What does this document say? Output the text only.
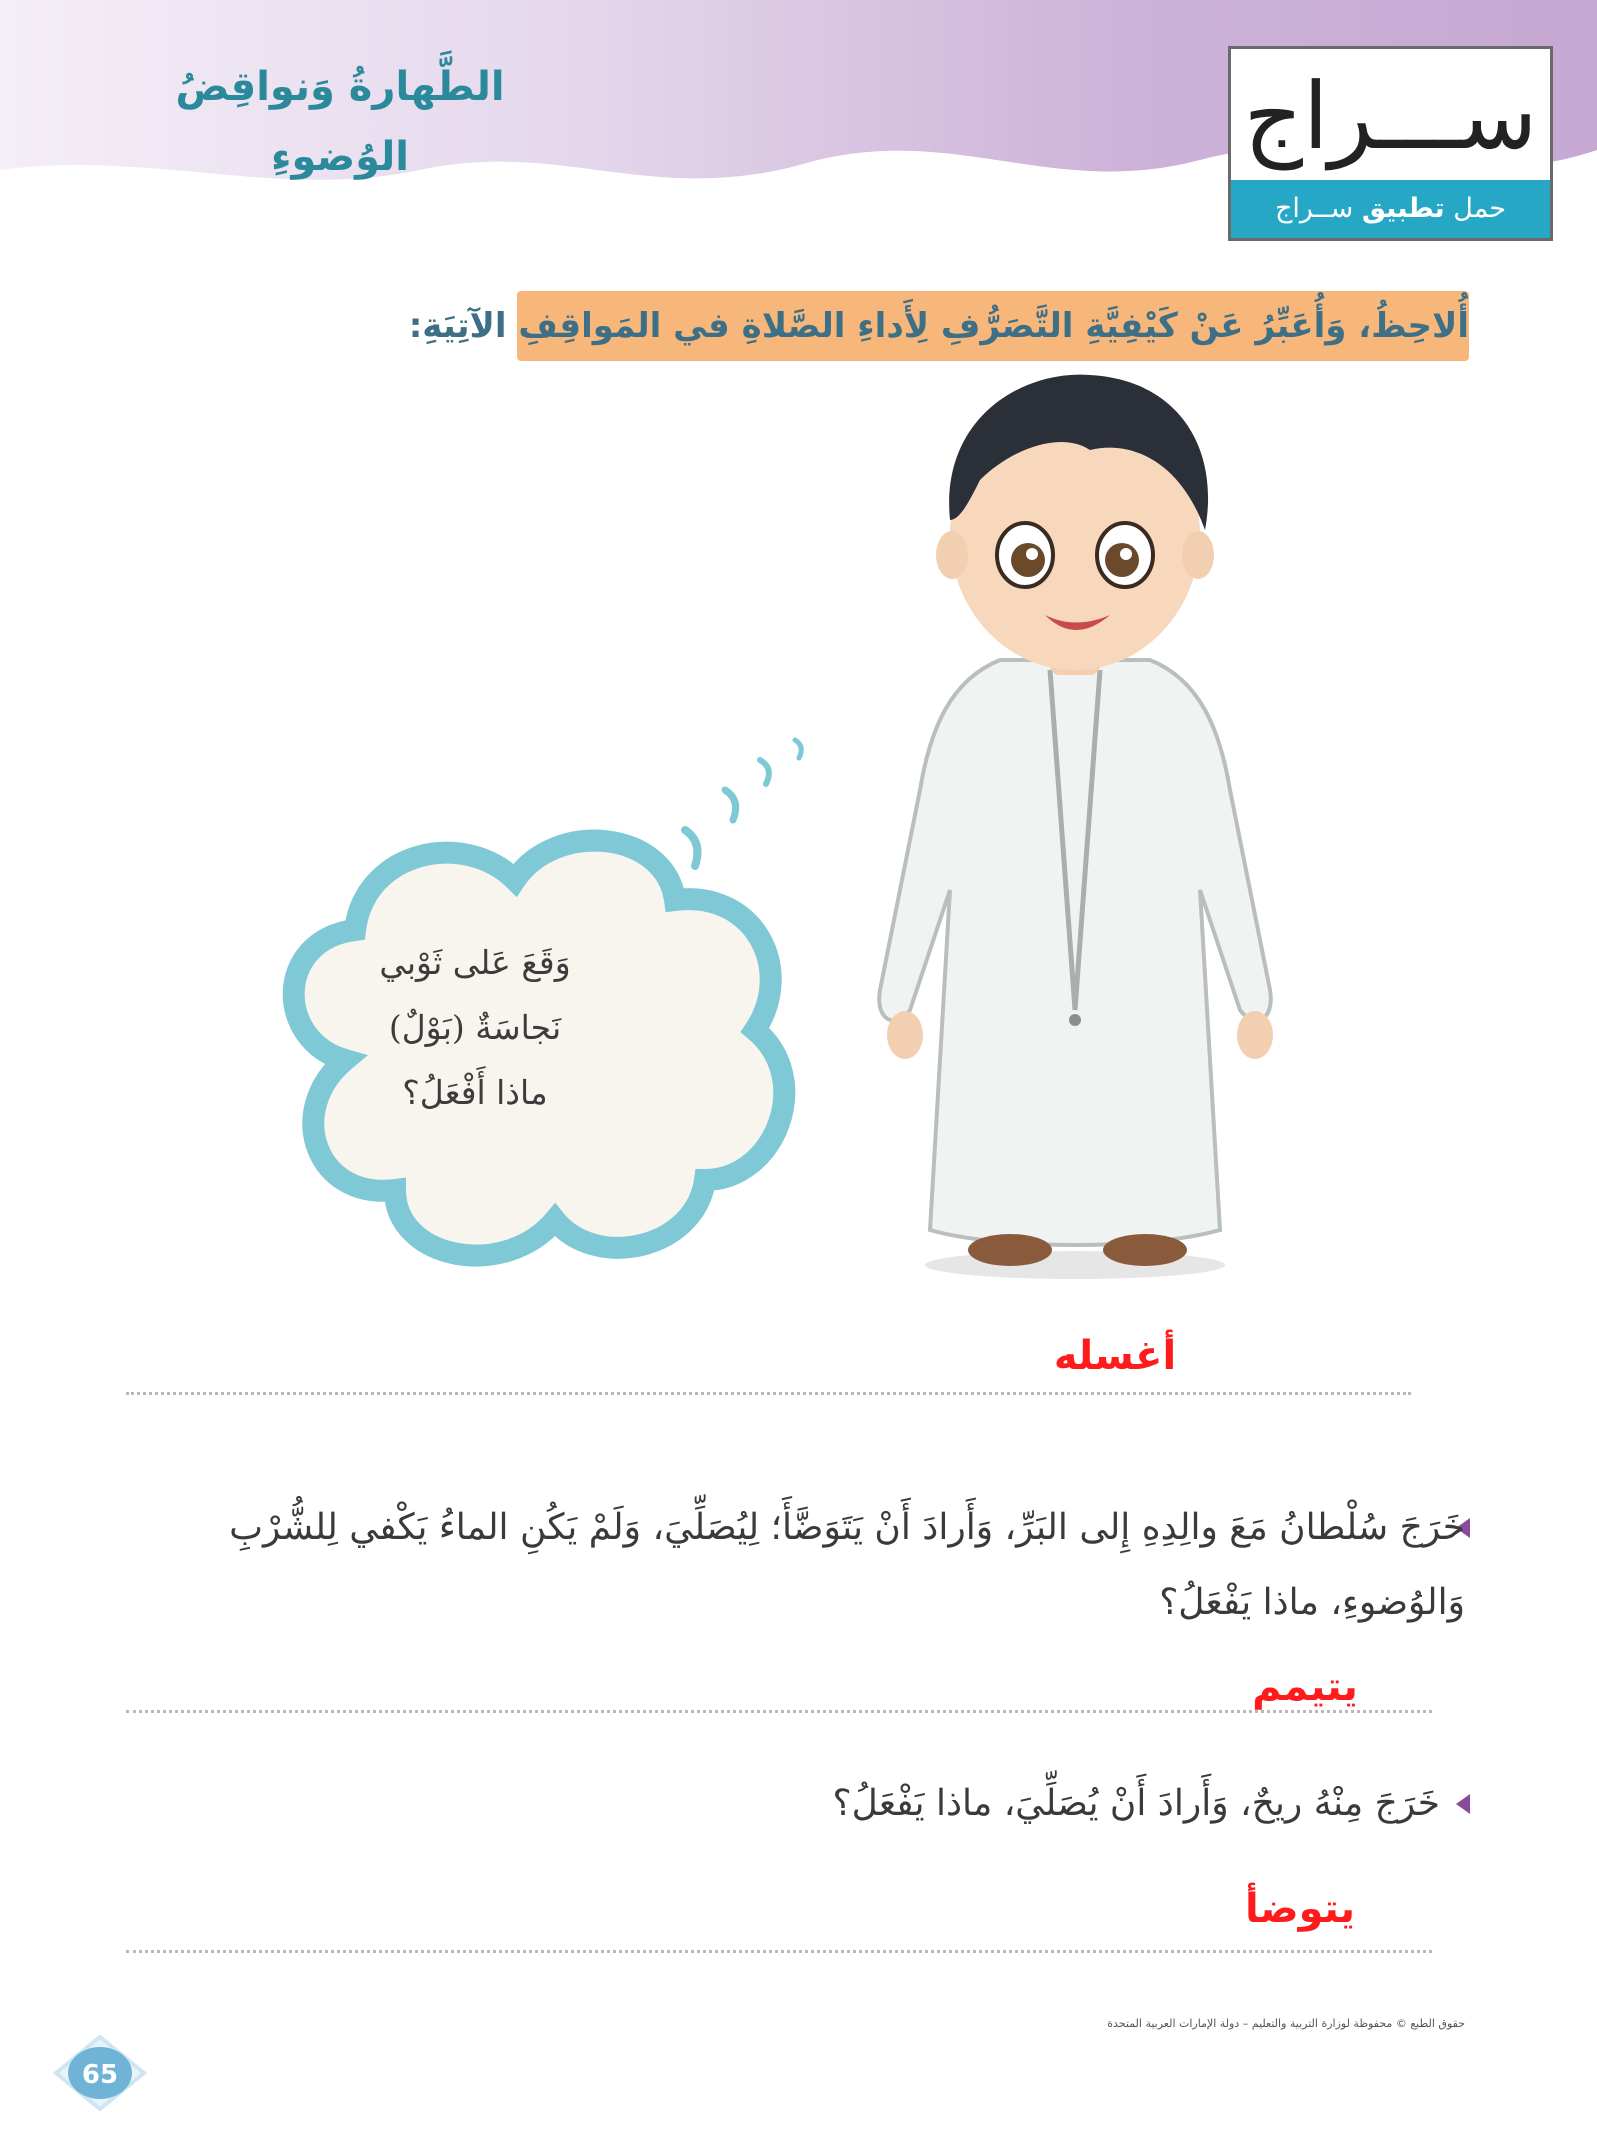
الطَّهارةُ وَنواقِضُ الوُضوءِ	ســـراج
حمل تطبيق ســراج
أُلاحِظُ، وَأُعَبِّرُ عَنْ كَيْفِيَّةِ التَّصَرُّفِ لِأَداءِ الصَّلاةِ في المَواقِفِ الآتِيَةِ:
وَقَعَ عَلى ثَوْبي
نَجاسَةٌ (بَوْلٌ)
ماذا أَفْعَلُ؟
أغسله
خَرَجَ سُلْطانُ مَعَ والِدِهِ إِلى البَرِّ، وَأَرادَ أَنْ يَتَوَضَّأَ؛ لِيُصَلِّيَ، وَلَمْ يَكُنِ الماءُ يَكْفي لِلشُّرْبِ وَالوُضوءِ، ماذا يَفْعَلُ؟
يتيمم
خَرَجَ مِنْهُ ريحٌ، وَأَرادَ أَنْ يُصَلِّيَ، ماذا يَفْعَلُ؟
يتوضأ
حقوق الطبع © محفوظة لوزارة التربية والتعليم – دولة الإمارات العربية المتحدة
65
